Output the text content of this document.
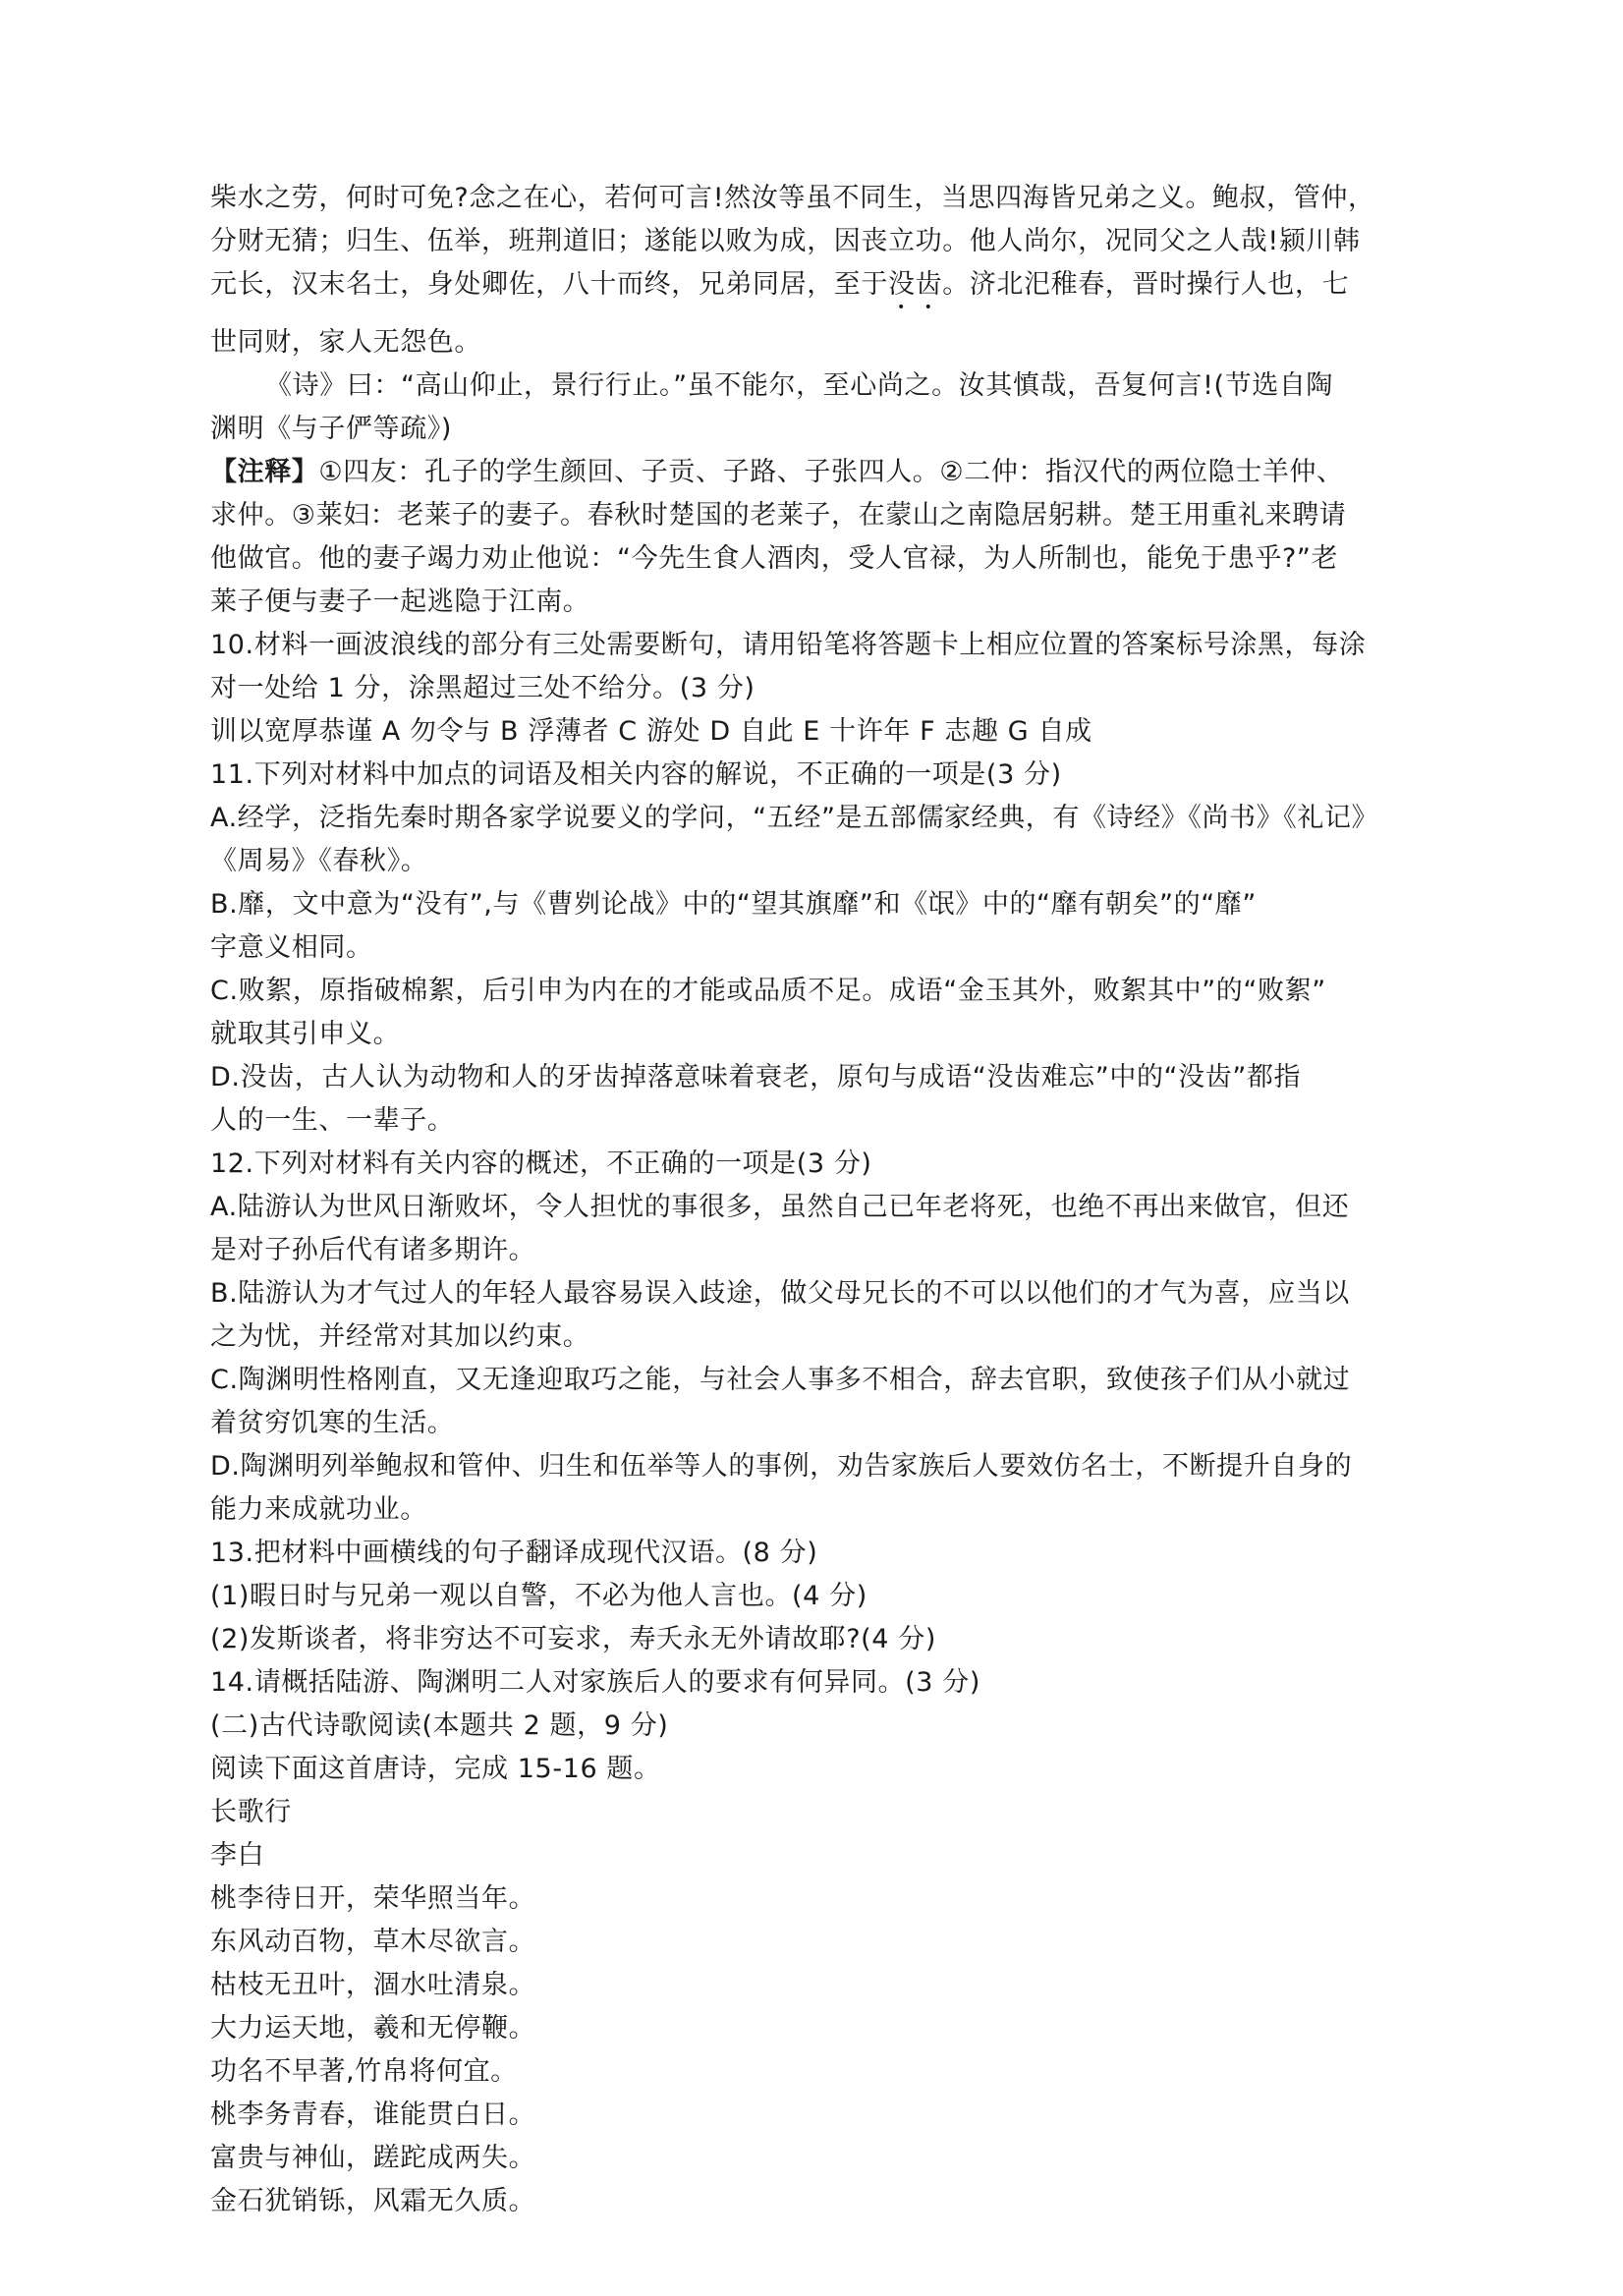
柴水之劳，何时可免?念之在心，若何可言!然汝等虽不同生，当思四海皆兄弟之义。鲍叔，管仲，
分财无猜；归生、伍举，班荆道旧；遂能以败为成，因丧立功。他人尚尔，况同父之人哉!颍川韩
元长，汉末名士，身处卿佐，八十而终，兄弟同居，至于没齿。济北汜稚春，晋时操行人也，七
世同财，家人无怨色。
《诗》曰：“高山仰止，景行行止。”虽不能尔，至心尚之。汝其慎哉，吾复何言!(节选自陶
渊明《与子俨等疏》)
【注释】①四友：孔子的学生颜回、子贡、子路、子张四人。②二仲：指汉代的两位隐士羊仲、
求仲。③莱妇：老莱子的妻子。春秋时楚国的老莱子，在蒙山之南隐居躬耕。楚王用重礼来聘请
他做官。他的妻子竭力劝止他说：“今先生食人酒肉，受人官禄，为人所制也，能免于患乎?”老
莱子便与妻子一起逃隐于江南。
10.材料一画波浪线的部分有三处需要断句，请用铅笔将答题卡上相应位置的答案标号涂黑，每涂
对一处给 1 分，涂黑超过三处不给分。(3 分)
训以宽厚恭谨 A 勿令与 B 浮薄者 C 游处 D 自此 E 十许年 F 志趣 G 自成
11.下列对材料中加点的词语及相关内容的解说，不正确的一项是(3 分)
A.经学，泛指先秦时期各家学说要义的学问，“五经”是五部儒家经典，有《诗经》《尚书》《礼记》
《周易》《春秋》。
B.靡，文中意为“没有”,与《曹刿论战》中的“望其旗靡”和《氓》中的“靡有朝矣”的“靡”
字意义相同。
C.败絮，原指破棉絮，后引申为内在的才能或品质不足。成语“金玉其外，败絮其中”的“败絮”
就取其引申义。
D.没齿，古人认为动物和人的牙齿掉落意味着衰老，原句与成语“没齿难忘”中的“没齿”都指
人的一生、一辈子。
12.下列对材料有关内容的概述，不正确的一项是(3 分)
A.陆游认为世风日渐败坏，令人担忧的事很多，虽然自己已年老将死，也绝不再出来做官，但还
是对子孙后代有诸多期许。
B.陆游认为才气过人的年轻人最容易误入歧途，做父母兄长的不可以以他们的才气为喜，应当以
之为忧，并经常对其加以约束。
C.陶渊明性格刚直，又无逢迎取巧之能，与社会人事多不相合，辞去官职，致使孩子们从小就过
着贫穷饥寒的生活。
D.陶渊明列举鲍叔和管仲、归生和伍举等人的事例，劝告家族后人要效仿名士，不断提升自身的
能力来成就功业。
13.把材料中画横线的句子翻译成现代汉语。(8 分)
(1)暇日时与兄弟一观以自警，不必为他人言也。(4 分)
(2)发斯谈者，将非穷达不可妄求，寿夭永无外请故耶?(4 分)
14.请概括陆游、陶渊明二人对家族后人的要求有何异同。(3 分)
(二)古代诗歌阅读(本题共 2 题，9 分)
阅读下面这首唐诗，完成 15-16 题。
长歌行
李白
桃李待日开，荣华照当年。
东风动百物，草木尽欲言。
枯枝无丑叶，涸水吐清泉。
大力运天地，羲和无停鞭。
功名不早著,竹帛将何宜。
桃李务青春，谁能贯白日。
富贵与神仙，蹉跎成两失。
金石犹销铄，风霜无久质。
